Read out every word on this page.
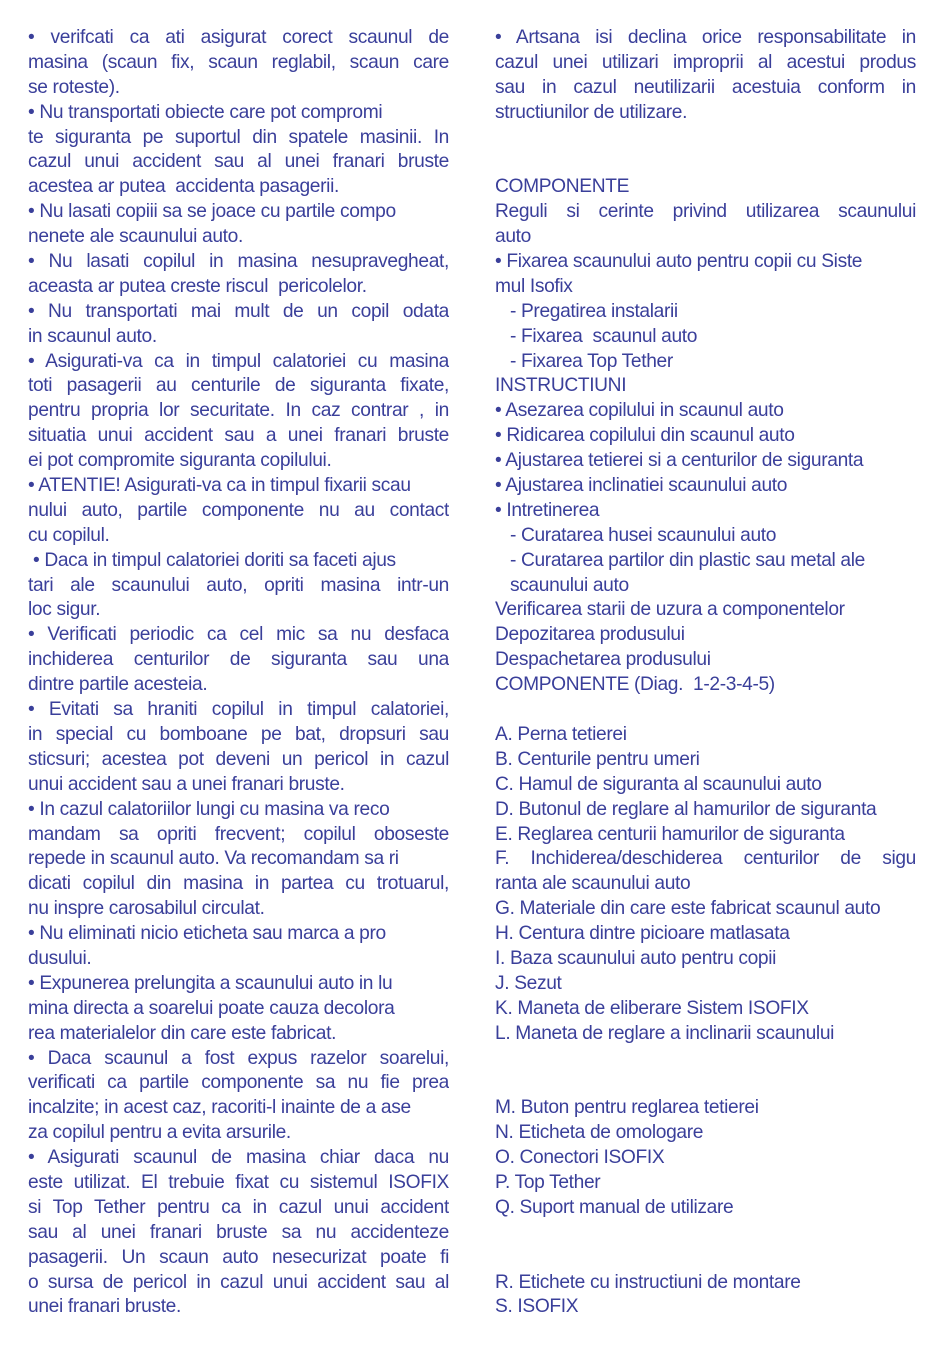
• verifcati ca ati asigurat corect scaunul de
masina (scaun fix, scaun reglabil, scaun care
se roteste).
• Nu transportati obiecte care pot compromi
te siguranta pe suportul din spatele masinii. In
cazul unui accident sau al unei franari bruste
acestea ar putea  accidenta pasagerii.
• Nu lasati copiii sa se joace cu partile compo
nenete ale scaunului auto.
• Nu lasati copilul in masina nesupravegheat,
aceasta ar putea creste riscul  pericolelor.
• Nu transportati mai mult de un copil odata
in scaunul auto.
• Asigurati-va ca in timpul calatoriei cu masina
toti pasagerii au centurile de siguranta fixate,
pentru propria lor securitate. In caz contrar , in
situatia unui accident sau a unei franari bruste
ei pot compromite siguranta copilului.
• ATENTIE! Asigurati-va ca in timpul fixarii scau
nului auto, partile componente nu au contact
cu copilul.
• Daca in timpul calatoriei doriti sa faceti ajus
tari ale scaunului auto, opriti masina intr-un
loc sigur.
• Verificati periodic ca cel mic sa nu desfaca
inchiderea centurilor de siguranta sau una
dintre partile acesteia.
• Evitati sa hraniti copilul in timpul calatoriei,
in special cu bomboane pe bat, dropsuri sau
sticsuri; acestea pot deveni un pericol in cazul
unui accident sau a unei franari bruste.
• In cazul calatoriilor lungi cu masina va reco
mandam sa opriti frecvent; copilul oboseste
repede in scaunul auto. Va recomandam sa ri
dicati copilul din masina in partea cu trotuarul,
nu inspre carosabilul circulat.
• Nu eliminati nicio eticheta sau marca a pro
dusului.
• Expunerea prelungita a scaunului auto in lu
mina directa a soarelui poate cauza decolora
rea materialelor din care este fabricat.
• Daca scaunul a fost expus razelor soarelui,
verificati ca partile componente sa nu fie prea
incalzite; in acest caz, racoriti-l inainte de a ase
za copilul pentru a evita arsurile.
• Asigurati scaunul de masina chiar daca nu
este utilizat. El trebuie fixat cu sistemul ISOFIX
si Top Tether pentru ca in cazul unui accident
sau al unei franari bruste sa nu accidenteze
pasagerii. Un scaun auto nesecurizat poate fi
o sursa de pericol in cazul unui accident sau al
unei franari bruste.
• Artsana isi declina orice responsabilitate in
cazul unei utilizari improprii al acestui produs
sau in cazul neutilizarii acestuia conform in
structiunilor de utilizare.
COMPONENTE
Reguli si cerinte privind utilizarea scaunului
auto
• Fixarea scaunului auto pentru copii cu Siste
mul Isofix
- Pregatirea instalarii
- Fixarea  scaunul auto
- Fixarea Top Tether
INSTRUCTIUNI
• Asezarea copilului in scaunul auto
• Ridicarea copilului din scaunul auto
• Ajustarea tetierei si a centurilor de siguranta
• Ajustarea inclinatiei scaunului auto
• Intretinerea
- Curatarea husei scaunului auto
- Curatarea partilor din plastic sau metal ale
scaunului auto
Verificarea starii de uzura a componentelor
Depozitarea produsului
Despachetarea produsului
COMPONENTE (Diag.  1-2-3-4-5)
A. Perna tetierei
B. Centurile pentru umeri
C. Hamul de siguranta al scaunului auto
D. Butonul de reglare al hamurilor de siguranta
E. Reglarea centurii hamurilor de siguranta
F. Inchiderea/deschiderea centurilor de sigu
ranta ale scaunului auto
G. Materiale din care este fabricat scaunul auto
H. Centura dintre picioare matlasata
I. Baza scaunului auto pentru copii
J. Sezut
K. Maneta de eliberare Sistem ISOFIX
L. Maneta de reglare a inclinarii scaunului
M. Buton pentru reglarea tetierei
N. Eticheta de omologare
O. Conectori ISOFIX
P. Top Tether
Q. Suport manual de utilizare
R. Etichete cu instructiuni de montare
S. ISOFIX
